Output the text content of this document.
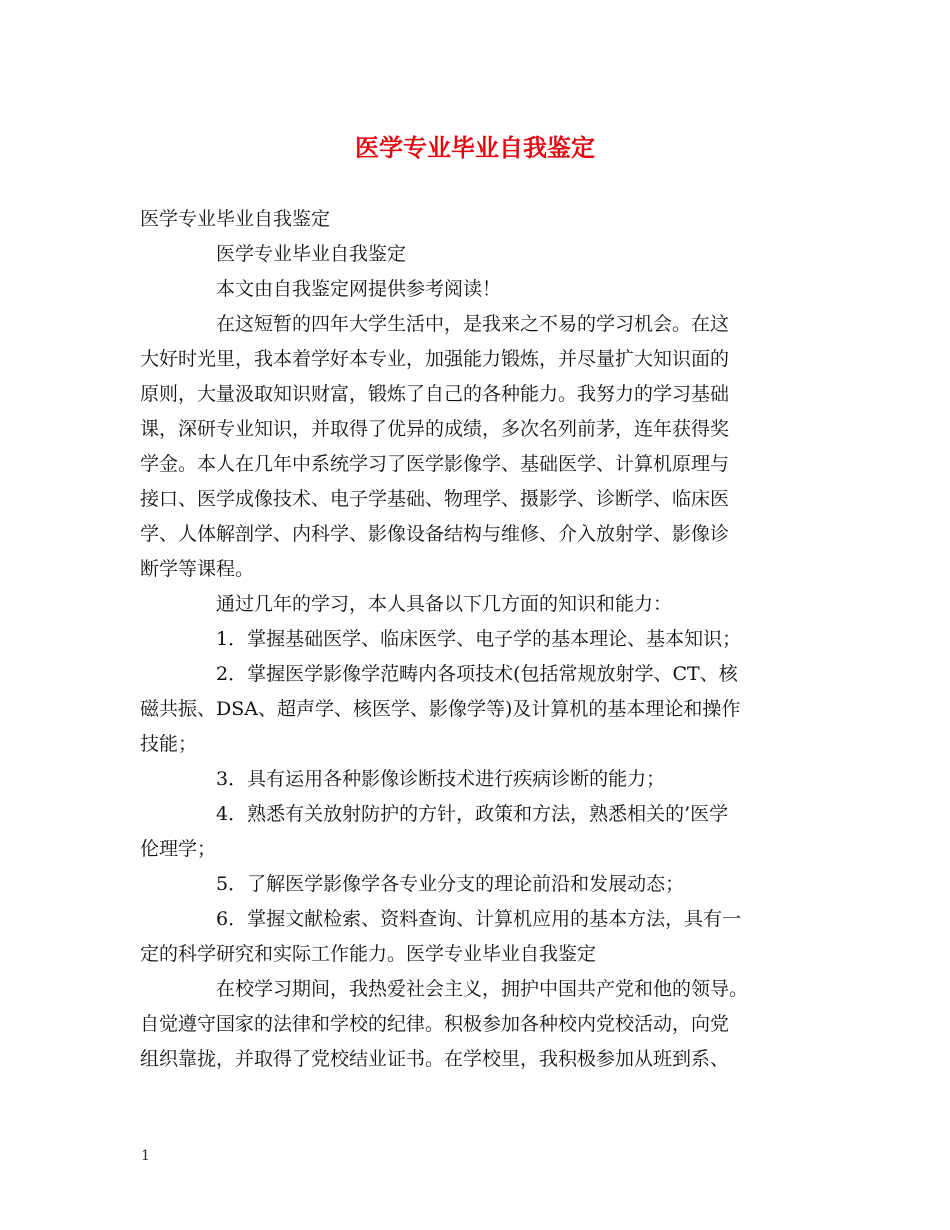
医学专业毕业自我鉴定
医学专业毕业自我鉴定
医学专业毕业自我鉴定
本文由自我鉴定网提供参考阅读！
在这短暂的四年大学生活中，是我来之不易的学习机会。在这
大好时光里，我本着学好本专业，加强能力锻炼，并尽量扩大知识面的
原则，大量汲取知识财富，锻炼了自己的各种能力。我努力的学习基础
课，深研专业知识，并取得了优异的成绩，多次名列前茅，连年获得奖
学金。本人在几年中系统学习了医学影像学、基础医学、计算机原理与
接口、医学成像技术、电子学基础、物理学、摄影学、诊断学、临床医
学、人体解剖学、内科学、影像设备结构与维修、介入放射学、影像诊
断学等课程。
通过几年的学习，本人具备以下几方面的知识和能力：
1．掌握基础医学、临床医学、电子学的基本理论、基本知识；
2．掌握医学影像学范畴内各项技术(包括常规放射学、CT、核
磁共振、DSA、超声学、核医学、影像学等)及计算机的基本理论和操作
技能；
3．具有运用各种影像诊断技术进行疾病诊断的能力；
4．熟悉有关放射防护的方针，政策和方法，熟悉相关的’医学
伦理学；
5．了解医学影像学各专业分支的理论前沿和发展动态；
6．掌握文献检索、资料查询、计算机应用的基本方法，具有一
定的科学研究和实际工作能力。医学专业毕业自我鉴定
在校学习期间，我热爱社会主义，拥护中国共产党和他的领导。
自觉遵守国家的法律和学校的纪律。积极参加各种校内党校活动，向党
组织靠拢，并取得了党校结业证书。在学校里，我积极参加从班到系、
1
